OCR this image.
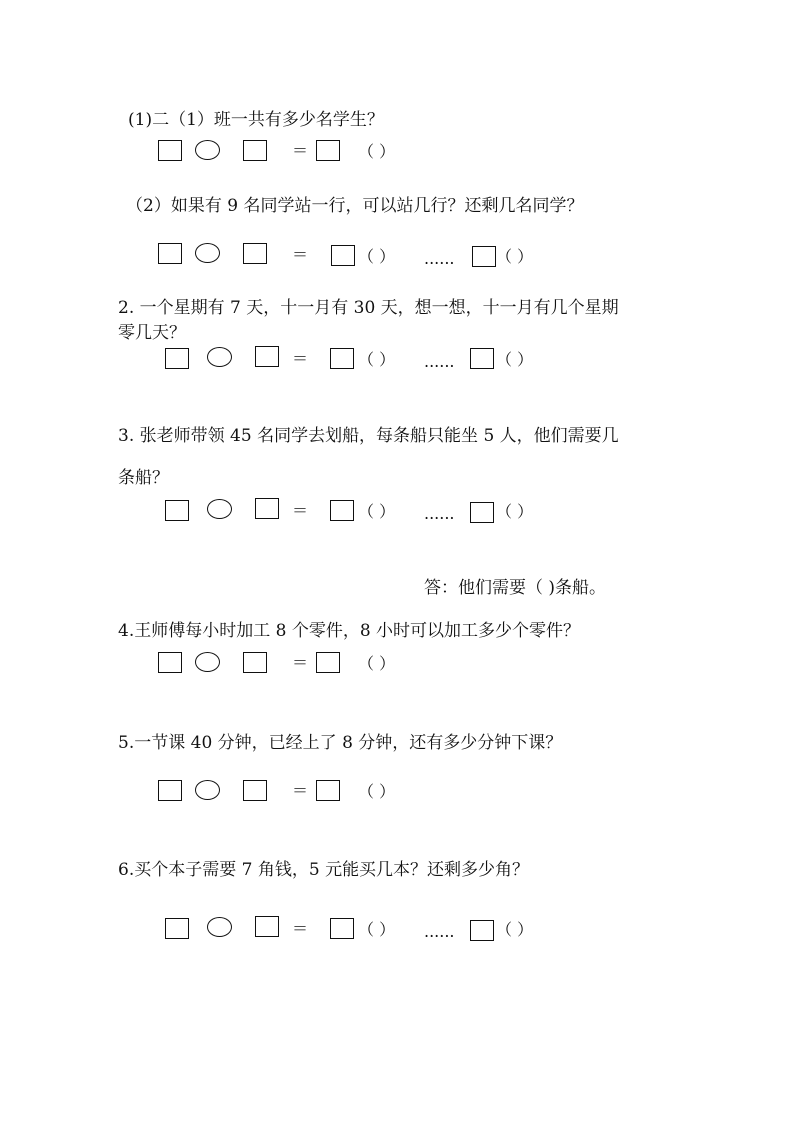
(1)二（1）班一共有多少名学生？
＝	（ ）
（2）如果有 9 名同学站一行，可以站几行？还剩几名同学？
＝	（ ） ......	（ ）
2. 一个星期有 7 天，十一月有 30 天，想一想，十一月有几个星期
零几天？
＝	（ ） ......	（ ）
3. 张老师带领 45 名同学去划船，每条船只能坐 5 人，他们需要几
条船？
＝	（ ） ......	（ ）
答：他们需要（ )条船。
4.王师傅每小时加工 8 个零件，8 小时可以加工多少个零件？
＝	（ ）
5.一节课 40 分钟，已经上了 8 分钟，还有多少分钟下课？
＝	（ ）
6.买个本子需要 7 角钱，5 元能买几本？还剩多少角？
＝	（ ） ......	（ ）
